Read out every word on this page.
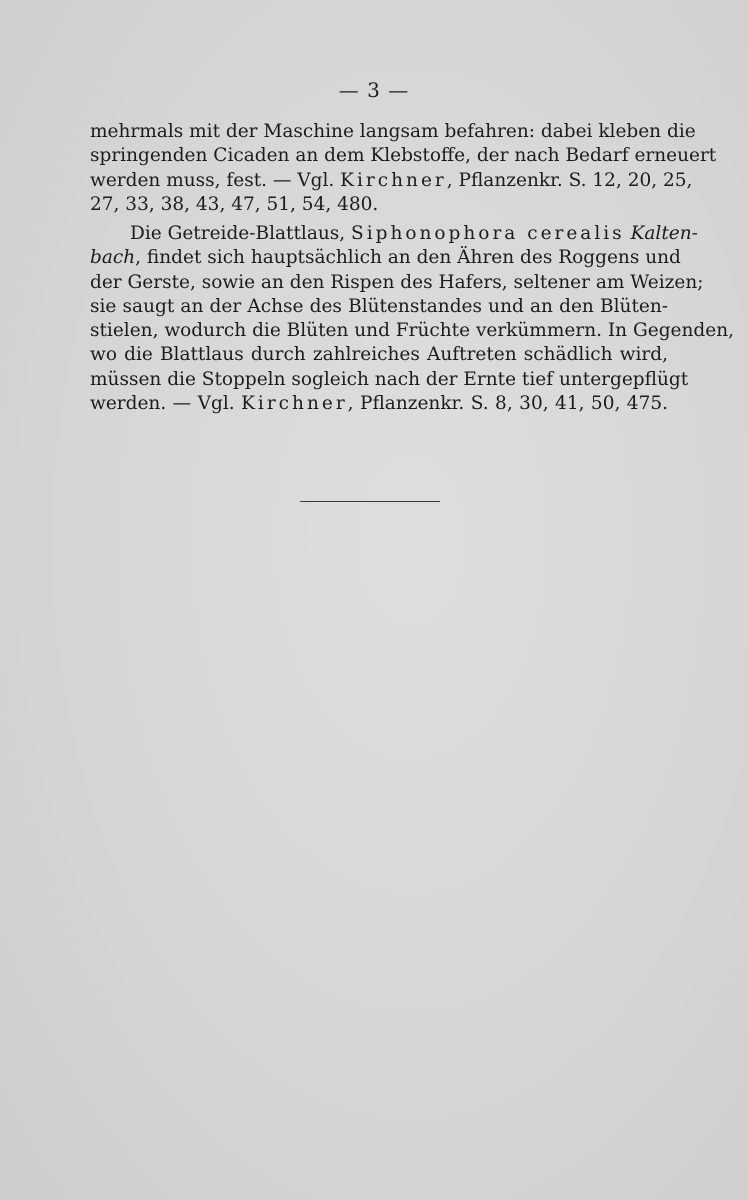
— 3 —
mehrmals mit der Maschine langsam befahren: dabei kleben die
springenden Cicaden an dem Klebstoffe, der nach Bedarf erneuert
werden muss, fest. — Vgl. Kirchner, Pflanzenkr. S. 12, 20, 25,
27, 33, 38, 43, 47, 51, 54, 480.
Die Getreide-Blattlaus, Siphonophora cerealis Kalten-
bach, findet sich hauptsächlich an den Ähren des Roggens und
der Gerste, sowie an den Rispen des Hafers, seltener am Weizen;
sie saugt an der Achse des Blütenstandes und an den Blüten-
stielen, wodurch die Blüten und Früchte verkümmern. In Gegenden,
wo die Blattlaus durch zahlreiches Auftreten schädlich wird,
müssen die Stoppeln sogleich nach der Ernte tief untergepflügt
werden. — Vgl. Kirchner, Pflanzenkr. S. 8, 30, 41, 50, 475.
